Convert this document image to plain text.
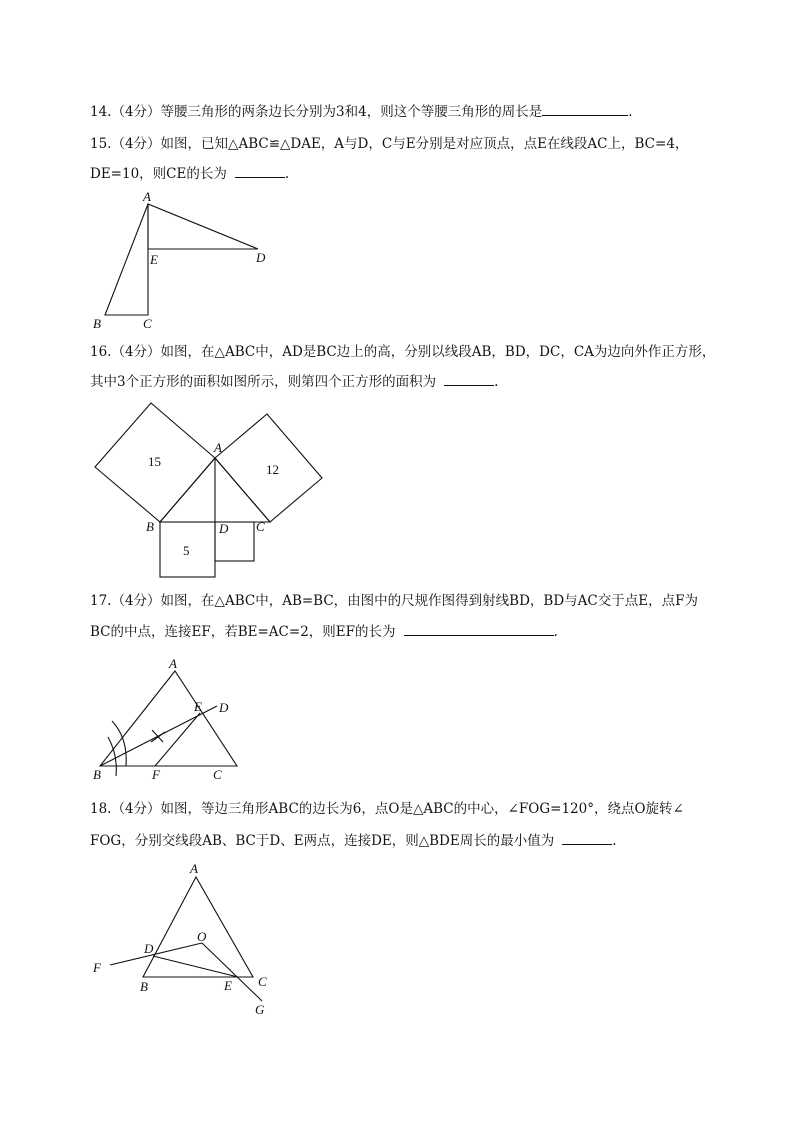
14.（4分）等腰三角形的两条边长分别为3和4，则这个等腰三角形的周长是	.
15.（4分）如图，已知△ABC≌△DAE，A与D，C与E分别是对应顶点，点E在线段AC上，BC=4，
DE=10，则CE的长为	.
A
E	D
B	C
16.（4分）如图，在△ABC中，AD是BC边上的高，分别以线段AB，BD，DC，CA为边向外作正方形，
其中3个正方形的面积如图所示，则第四个正方形的面积为	.
A
B	D C
15
12
5
17.（4分）如图，在△ABC中，AB=BC，由图中的尺规作图得到射线BD，BD与AC交于点E，点F为
BC的中点，连接EF，若BE=AC=2，则EF的长为	.
A
E D
B	F	C
18.（4分）如图，等边三角形ABC的边长为6，点O是△ABC的中心，∠FOG=120°，绕点O旋转∠
FOG，分别交线段AB、BC于D、E两点，连接DE，则△BDE周长的最小值为	.
A
O
D
F
B	E C
G
